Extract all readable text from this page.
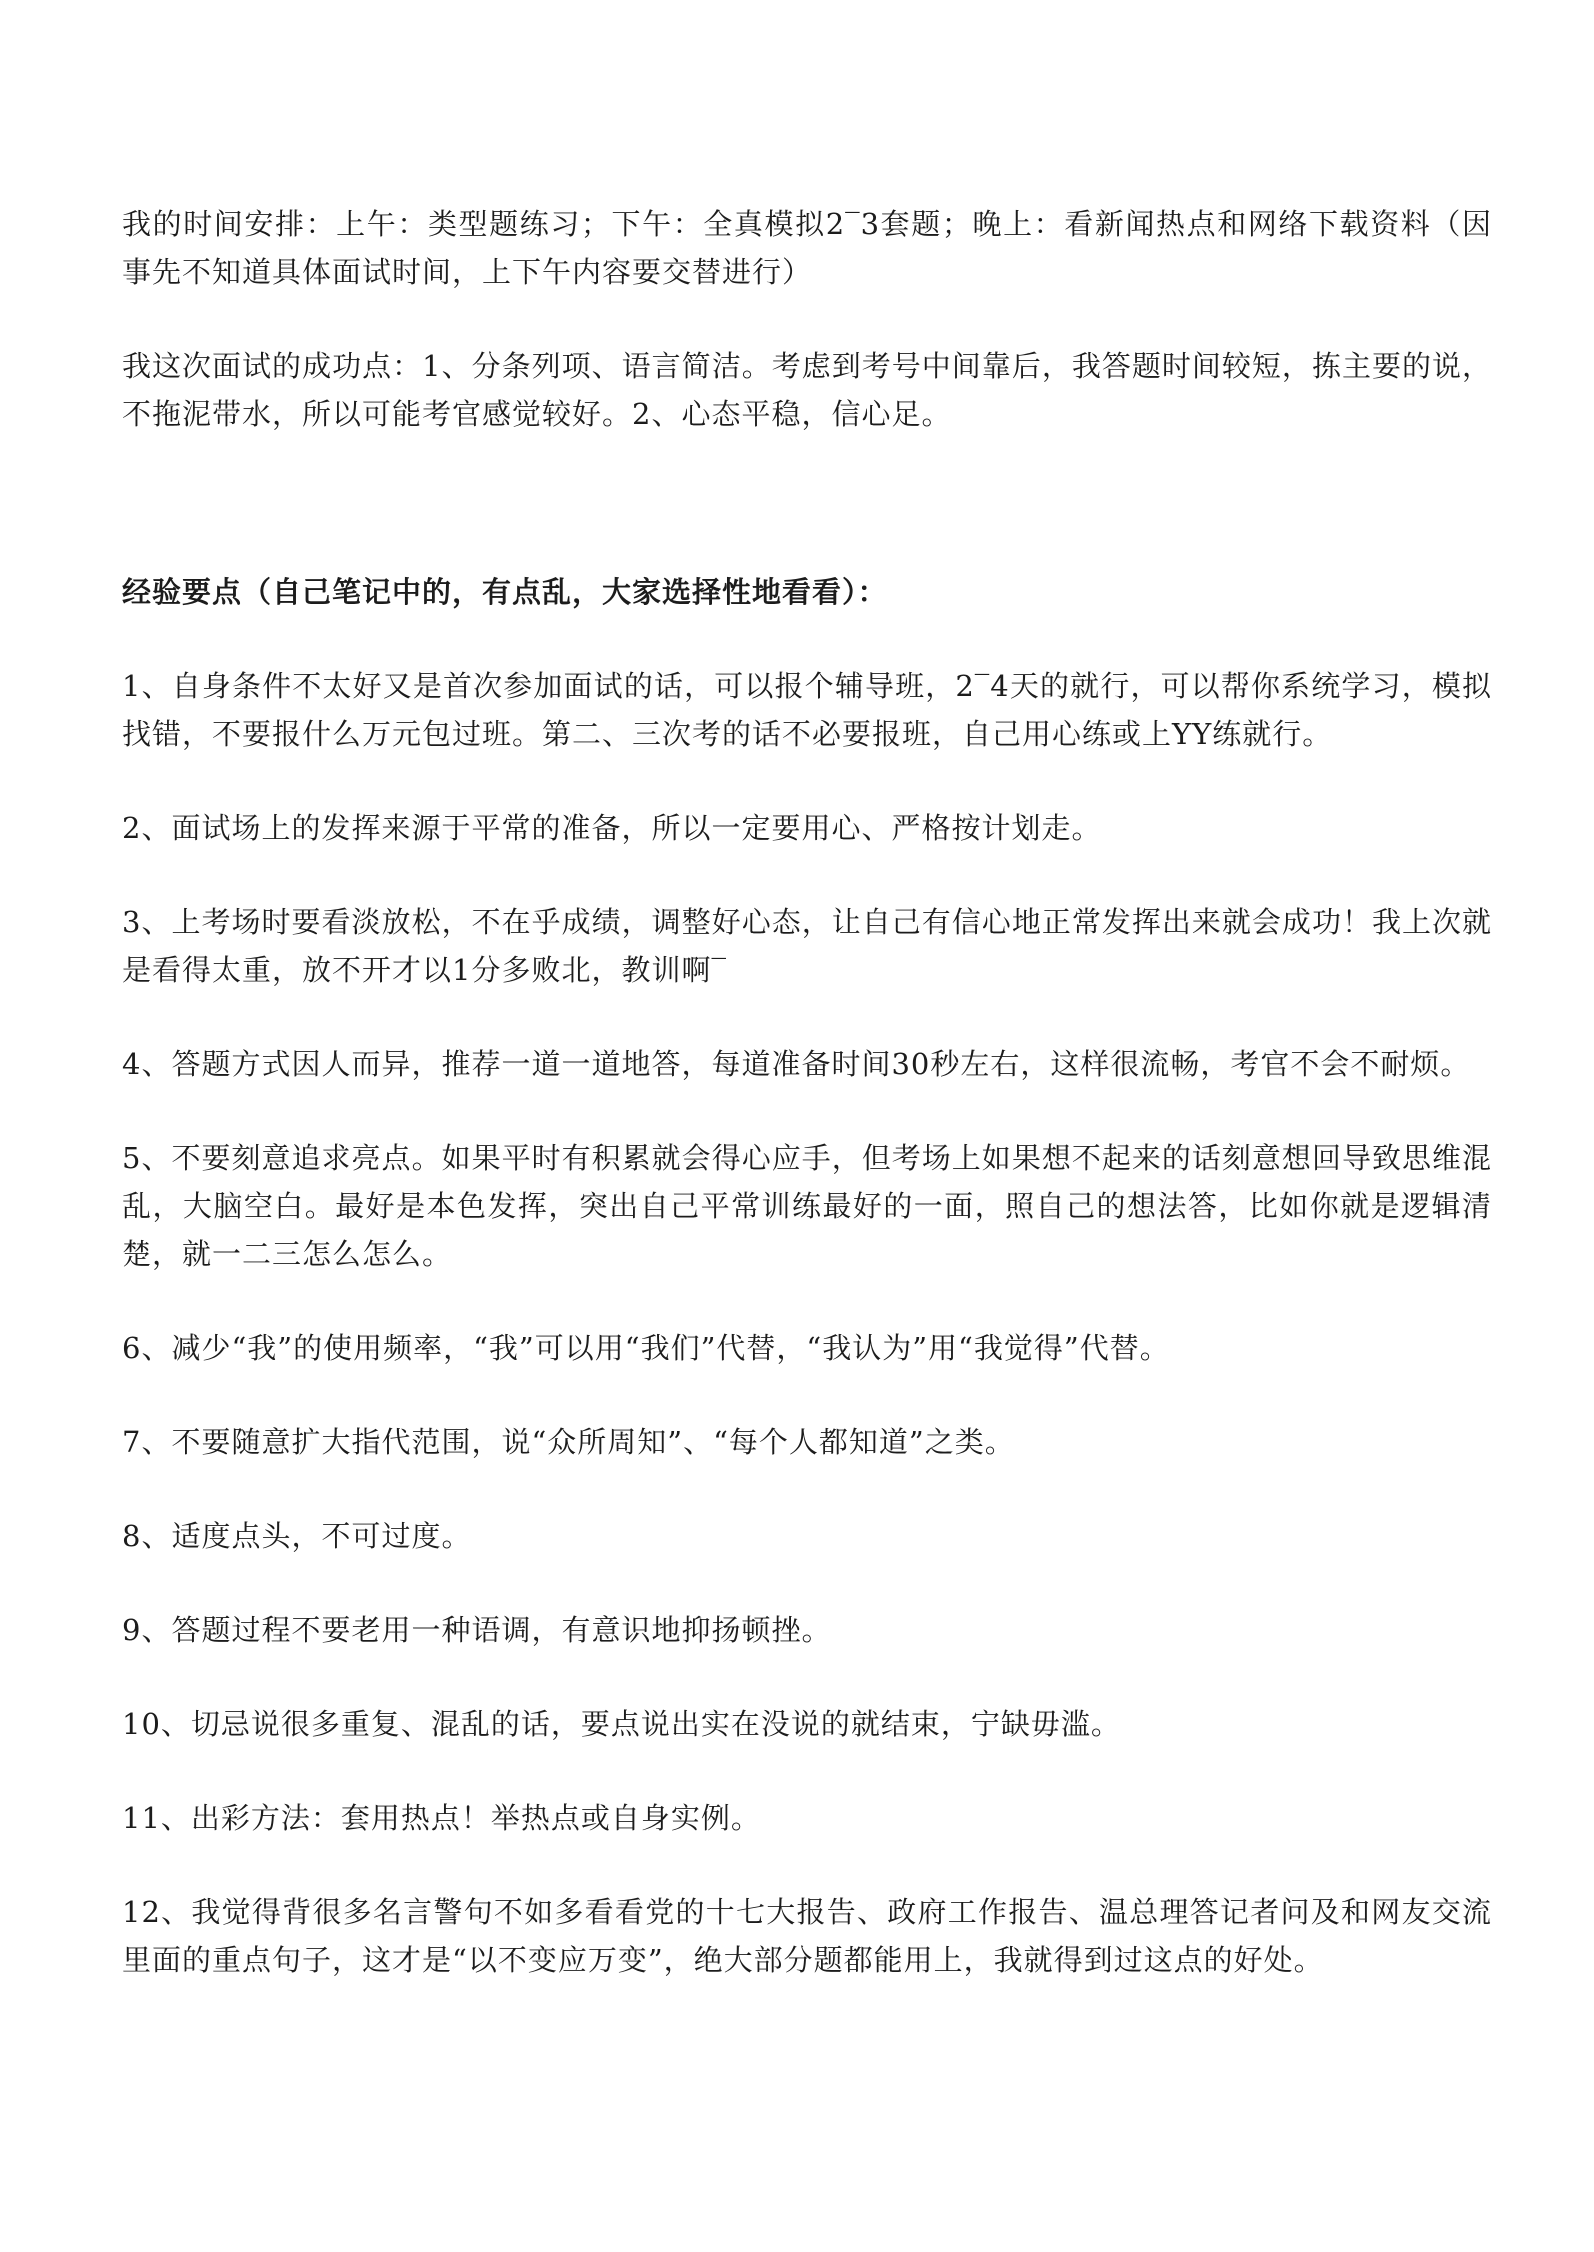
我的时间安排：上午：类型题练习；下午：全真模拟2‾3套题；晚上：看新闻热点和网络下载资料（因事先不知道具体面试时间，上下午内容要交替进行）

我这次面试的成功点：1、分条列项、语言简洁。考虑到考号中间靠后，我答题时间较短，拣主要的说，不拖泥带水，所以可能考官感觉较好。2、心态平稳，信心足。

经验要点（自己笔记中的，有点乱，大家选择性地看看）：

1、自身条件不太好又是首次参加面试的话，可以报个辅导班，2‾4天的就行，可以帮你系统学习，模拟找错，不要报什么万元包过班。第二、三次考的话不必要报班，自己用心练或上YY练就行。

2、面试场上的发挥来源于平常的准备，所以一定要用心、严格按计划走。

3、上考场时要看淡放松，不在乎成绩，调整好心态，让自己有信心地正常发挥出来就会成功！我上次就是看得太重，放不开才以1分多败北，教训啊‾

4、答题方式因人而异，推荐一道一道地答，每道准备时间30秒左右，这样很流畅，考官不会不耐烦。

5、不要刻意追求亮点。如果平时有积累就会得心应手，但考场上如果想不起来的话刻意想回导致思维混乱，大脑空白。最好是本色发挥，突出自己平常训练最好的一面，照自己的想法答，比如你就是逻辑清楚，就一二三怎么怎么。

6、减少“我”的使用频率，“我”可以用“我们”代替，“我认为”用“我觉得”代替。

7、不要随意扩大指代范围，说“众所周知”、“每个人都知道”之类。

8、适度点头，不可过度。

9、答题过程不要老用一种语调，有意识地抑扬顿挫。

10、切忌说很多重复、混乱的话，要点说出实在没说的就结束，宁缺毋滥。

11、出彩方法：套用热点！举热点或自身实例。

12、我觉得背很多名言警句不如多看看党的十七大报告、政府工作报告、温总理答记者问及和网友交流里面的重点句子，这才是“以不变应万变”，绝大部分题都能用上，我就得到过这点的好处。
